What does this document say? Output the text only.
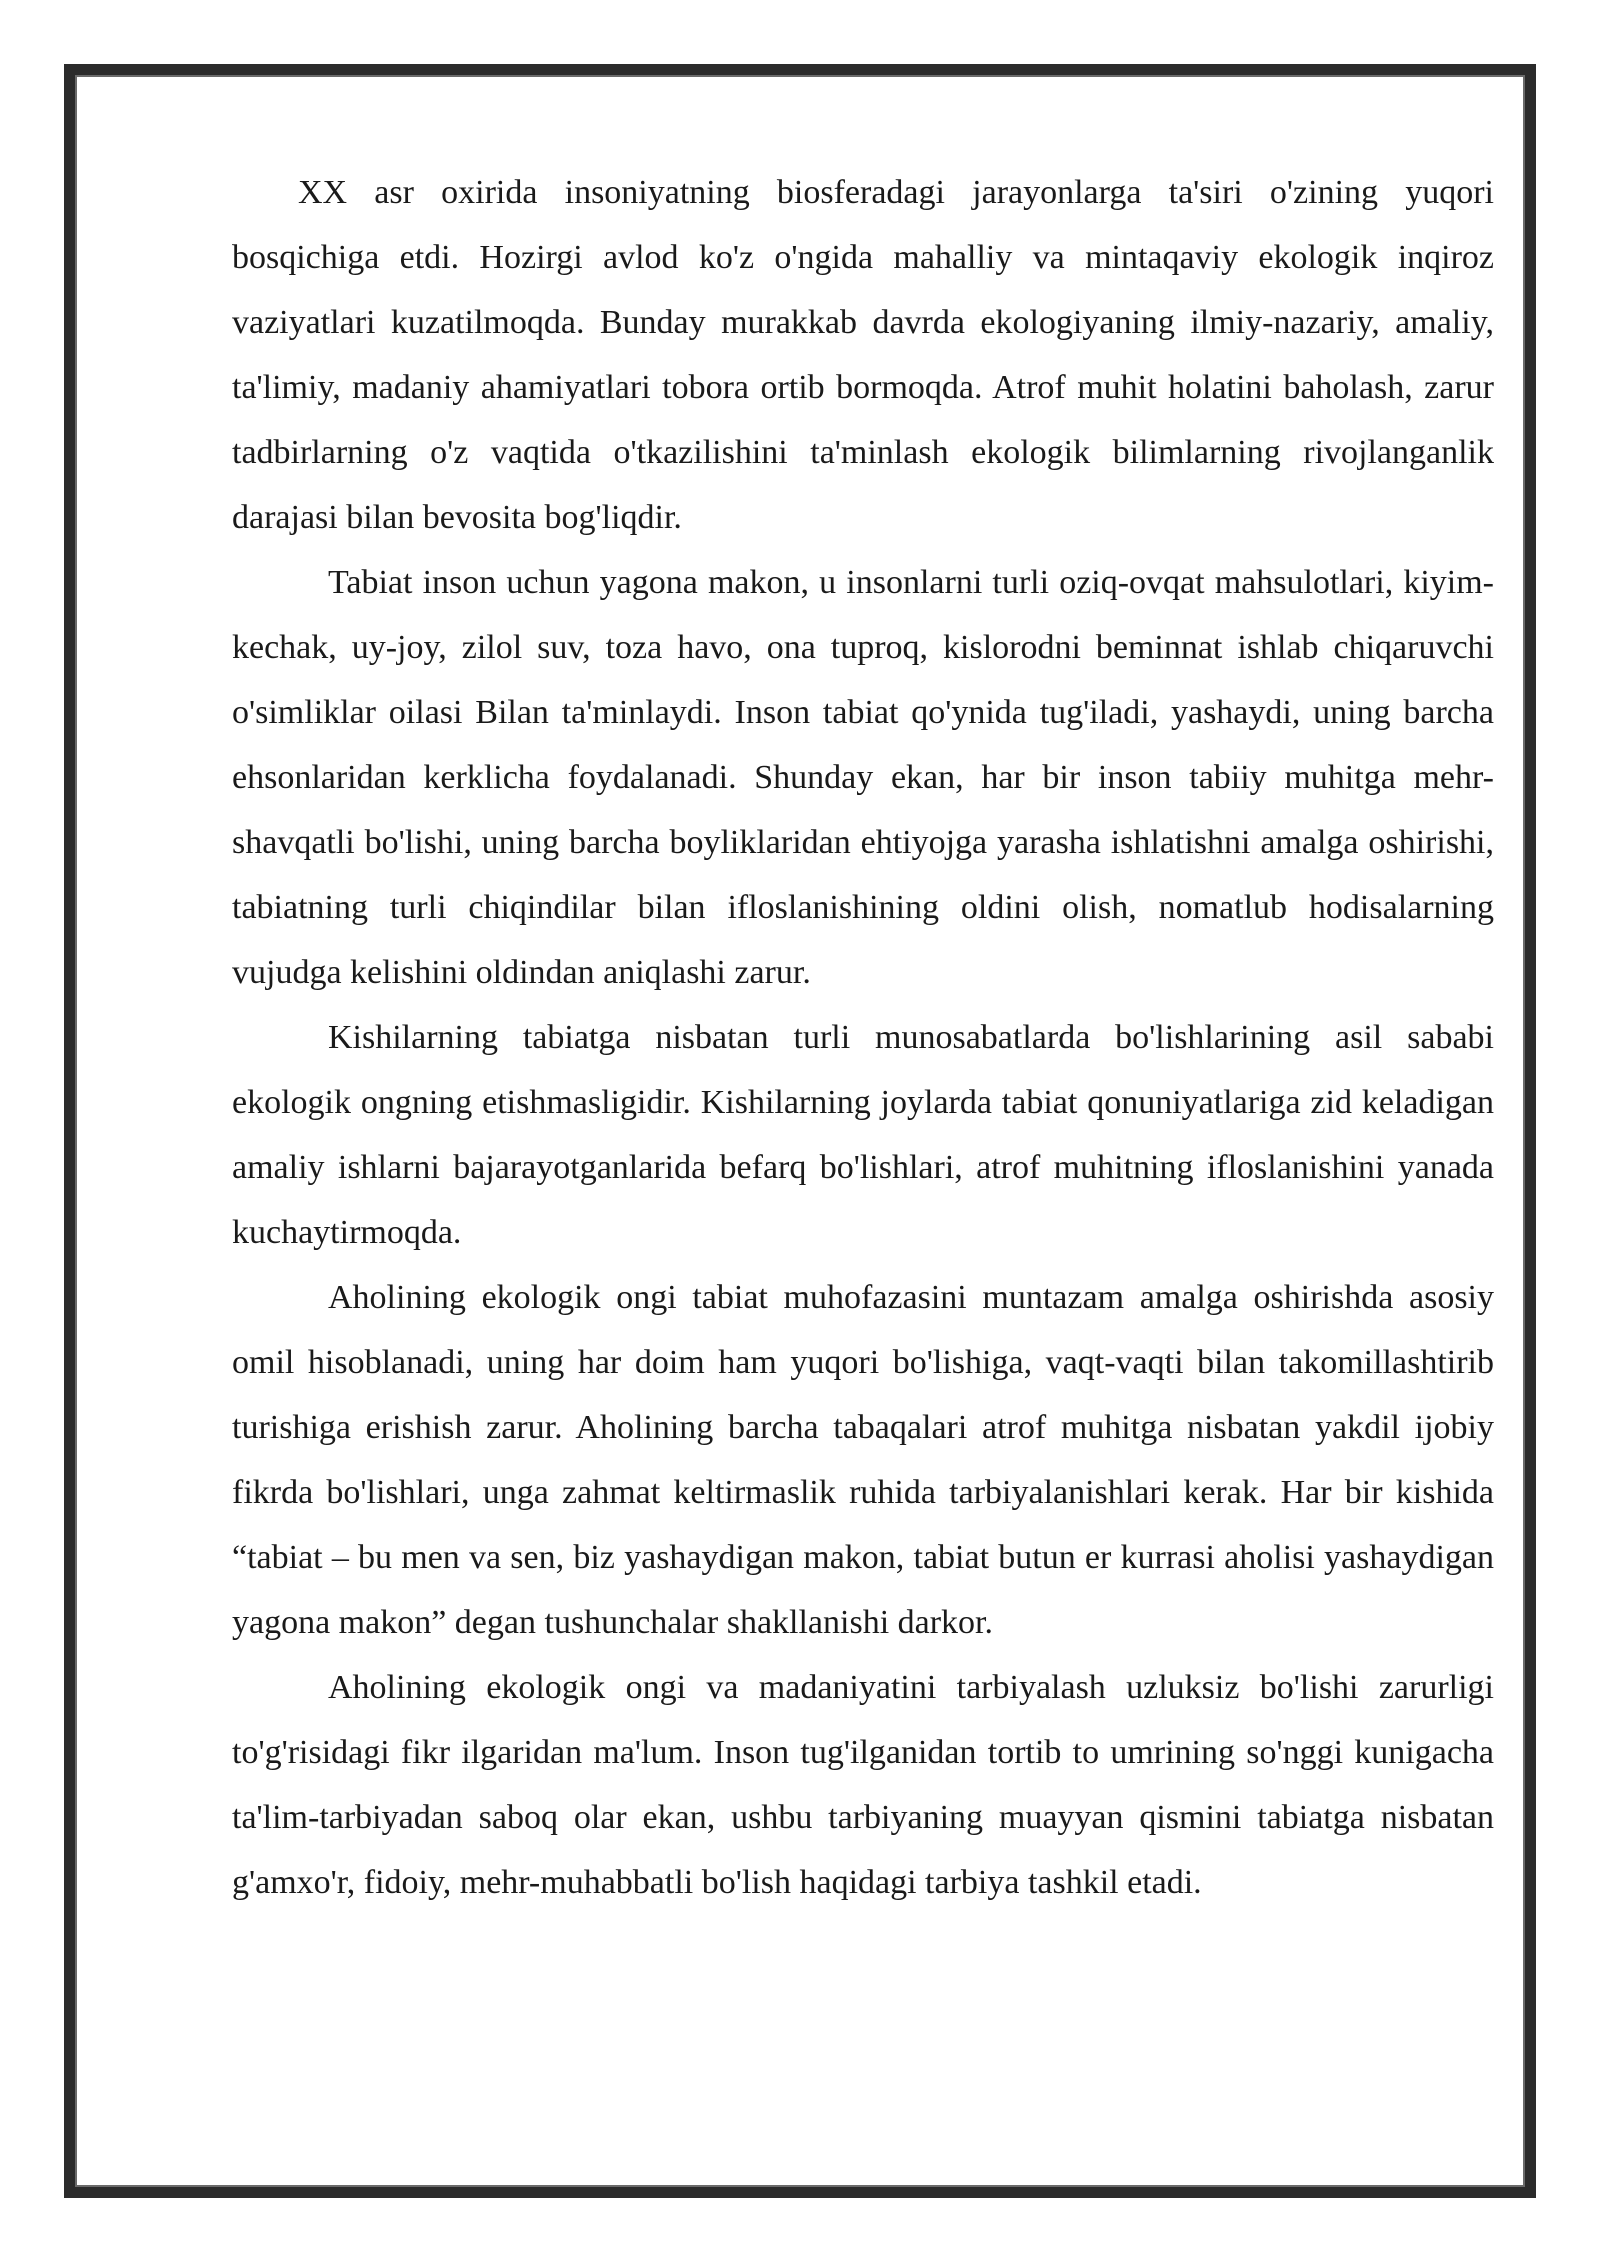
XX asr oxirida insoniyatning biosferadagi jarayonlarga ta'siri o'zining yuqori bosqichiga etdi. Hozirgi avlod ko'z o'ngida mahalliy va mintaqaviy ekologik inqiroz vaziyatlari kuzatilmoqda. Bunday murakkab davrda ekologiyaning ilmiy-nazariy, amaliy, ta'limiy, madaniy ahamiyatlari tobora ortib bormoqda. Atrof muhit holatini baholash, zarur tadbirlarning o'z vaqtida o'tkazilishini ta'minlash ekologik bilimlarning rivojlanganlik darajasi bilan bevosita bog'liqdir.

Tabiat inson uchun yagona makon, u insonlarni turli oziq-ovqat mahsulotlari, kiyim-kechak, uy-joy, zilol suv, toza havo, ona tuproq, kislorodni beminnat ishlab chiqaruvchi o'simliklar oilasi Bilan ta'minlaydi. Inson tabiat qo'ynida tug'iladi, yashaydi, uning barcha ehsonlaridan kerklicha foydalanadi. Shunday ekan, har bir inson tabiiy muhitga mehr-shavqatli bo'lishi, uning barcha boyliklaridan ehtiyojga yarasha ishlatishni amalga oshirishi, tabiatning turli chiqindilar bilan ifloslanishining oldini olish, nomatlub hodisalarning vujudga kelishini oldindan aniqlashi zarur.

Kishilarning tabiatga nisbatan turli munosabatlarda bo'lishlarining asil sababi ekologik ongning etishmasligidir. Kishilarning joylarda tabiat qonuniyatlariga zid keladigan amaliy ishlarni bajarayotganlarida befarq bo'lishlari, atrof muhitning ifloslanishini yanada kuchaytirmoqda.

Aholining ekologik ongi tabiat muhofazasini muntazam amalga oshirishda asosiy omil hisoblanadi, uning har doim ham yuqori bo'lishiga, vaqt-vaqti bilan takomillashtirib turishiga erishish zarur. Aholining barcha tabaqalari atrof muhitga nisbatan yakdil ijobiy fikrda bo'lishlari, unga zahmat keltirmaslik ruhida tarbiyalanishlari kerak. Har bir kishida “tabiat – bu men va sen, biz yashaydigan makon, tabiat butun er kurrasi aholisi yashaydigan yagona makon” degan tushunchalar shakllanishi darkor.

Aholining ekologik ongi va madaniyatini tarbiyalash uzluksiz bo'lishi zarurligi to'g'risidagi fikr ilgaridan ma'lum. Inson tug'ilganidan tortib to umrining so'nggi kunigacha ta'lim-tarbiyadan saboq olar ekan, ushbu tarbiyaning muayyan qismini tabiatga nisbatan g'amxo'r, fidoiy, mehr-muhabbatli bo'lish haqidagi tarbiya tashkil etadi.
